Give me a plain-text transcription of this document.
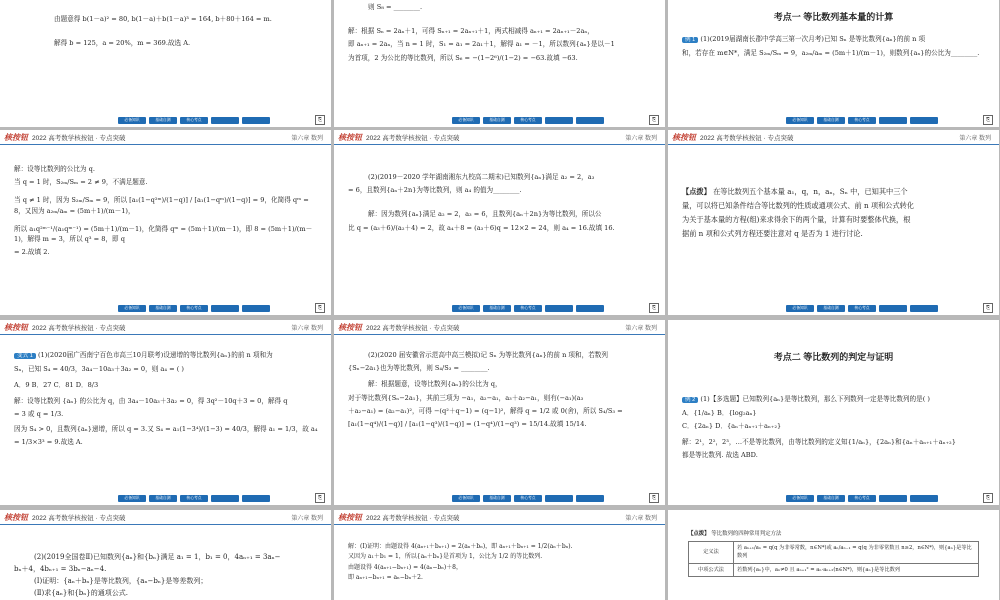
由题意得 b(1－a)² = 80, b(1－a)＋b(1－a)³ = 164, b＋80＋164 = m.

解得 b = 125，a = 20%，m = 369.故选 A.

必备知识	基础自测	核心考点	⎘

则 S₈ = ________.

解：根据 Sₙ = 2aₙ＋1，可得 Sₙ₊₁ = 2aₙ₊₁＋1，两式相减得 aₙ₊₁ = 2aₙ₊₁－2aₙ，

即 aₙ₊₁ = 2aₙ，当 n = 1 时，S₁ = a₁ = 2a₁＋1，解得 a₁ = －1，所以数列{aₙ}是以－1

为首项，2 为公比的等比数列，所以 S₆ = −(1−2⁶)/(1−2) = −63.故填 −63.

必备知识	基础自测	核心考点	⎘
考点一 等比数列基本量的计算

例 1 (1)(2019届湖南长郡中学高三第一次月考)已知 Sₙ 是等比数列{aₙ}的前 n 项

和，若存在 m∈N*，满足 S₂ₘ/Sₘ = 9，a₂ₘ/aₘ = (5m＋1)/(m－1)，则数列{aₙ}的公比为________.

必备知识	基础自测	核心考点	⎘
核按钮 2022 高考数学核按钮 · 专点突破	第六章 数列

解：设等比数列的公比为 q.

当 q = 1 时，S₂ₘ/Sₘ = 2 ≠ 9，不满足题意.

当 q ≠ 1 时，因为 S₂ₘ/Sₘ = 9，所以 [a₁(1−q²ᵐ)/(1−q)] / [a₁(1−qᵐ)/(1−q)] = 9，化简得 qᵐ = 8，又因为 a₂ₘ/aₘ = (5m＋1)/(m－1)，

所以 a₁q²ᵐ⁻¹/(a₁qᵐ⁻¹) = (5m＋1)/(m－1)，化简得 qᵐ = (5m＋1)/(m－1)，即 8 = (5m＋1)/(m－1)，解得 m = 3，所以 q³ = 8，即 q

= 2.故填 2.

必备知识	基础自测	核心考点	⎘
核按钮 2022 高考数学核按钮 · 专点突破	第六章 数列

(2)(2019－2020 学年湖南湘东九校高二期末)已知数列{aₙ}满足 a₂ = 2，a₃

= 6，且数列{aₙ＋2n}为等比数列，则 a₄ 的值为________.

解：因为数列{aₙ}满足 a₂ = 2，a₃ = 6，且数列{aₙ＋2n}为等比数列，所以公

比 q = (a₃＋6)/(a₂＋4) = 2，故 a₄＋8 = (a₃＋6)q = 12×2 = 24，则 a₄ = 16.故填 16.

必备知识	基础自测	核心考点	⎘
核按钮 2022 高考数学核按钮 · 专点突破	第六章 数列

【点拨】 在等比数列五个基本量 a₁，q，n，aₙ，Sₙ 中，已知其中三个

量，可以将已知条件结合等比数列的性质或通项公式、前 n 项和公式转化

为关于基本量的方程(组)来求得余下的两个量，计算有时要整体代换，根

据前 n 项和公式列方程还要注意对 q 是否为 1 进行讨论.

必备知识	基础自测	核心考点	⎘
核按钮 2022 高考数学核按钮 · 专点突破	第六章 数列

变式 1 (1)(2020届广西南宁百色市高三10月联考)设递增的等比数列{aₙ}的前 n 项和为

Sₙ，已知 S₄ = 40/3，3a₄－10a₃＋3a₂ = 0，则 a₄ = ( )

A．9 B．27 C．81 D．8/3

解：设等比数列 {aₙ} 的公比为 q，由 3a₄－10a₃＋3a₂ = 0，得 3q²－10q＋3 = 0，解得 q

= 3 或 q = 1/3.

因为 S₄ > 0，且数列{aₙ}递增，所以 q = 3.又 S₄ = a₁(1−3⁴)/(1−3) = 40/3，解得 a₁ = 1/3，故 a₄

= 1/3×3³ = 9.故选 A.

必备知识	基础自测	核心考点	⎘
核按钮 2022 高考数学核按钮 · 专点突破	第六章 数列

(2)(2020 届安徽省示范高中高三模拟)记 Sₙ 为等比数列{aₙ}的前 n 项和，若数列

{Sₙ−2a₁}也为等比数列，则 S₄/S₃ = ________.

解：根据题意，设等比数列{aₙ}的公比为 q，

对于等比数列{Sₙ−2a₁}，其前三项为 −a₁，a₂−a₁，a₃＋a₂−a₁，则有(−a₁)(a₃

＋a₂−a₁) = (a₂−a₁)²，可得 −(q²＋q−1) = (q−1)²，解得 q = 1/2 或 0(舍)，所以 S₄/S₃ =

[a₁(1−q⁴)/(1−q)] / [a₁(1−q³)/(1−q)] = (1−q⁴)/(1−q³) = 15/14.故填 15/14.

必备知识	基础自测	核心考点	⎘
考点二 等比数列的判定与证明

例 2 (1)【多选题】已知数列{aₙ}是等比数列，那么下列数列一定是等比数列的是( )

A．{1/aₙ} B．{log₂aₙ}

C．{2aₙ} D．{aₙ＋aₙ₊₁＋aₙ₊₂}

解：2¹，2²，2³，…不是等比数列，由等比数列的定义知{1/aₙ}，{2aₙ}和{aₙ＋aₙ₊₁＋aₙ₊₂}

都是等比数列. 故选 ABD.

必备知识	基础自测	核心考点	⎘
核按钮 2022 高考数学核按钮 · 专点突破	第六章 数列

(2)(2019全国卷Ⅱ)已知数列{aₙ}和{bₙ}满足 a₁ = 1，b₁ = 0，4aₙ₊₁ = 3aₙ−

bₙ＋4，4bₙ₊₁ = 3bₙ−aₙ−4.

(Ⅰ)证明：{aₙ＋bₙ}是等比数列，{aₙ−bₙ}是等差数列；

(Ⅱ)求{aₙ}和{bₙ}的通项公式.

核按钮 2022 高考数学核按钮 · 专点突破	第六章 数列

解：(Ⅰ)证明：由题设得 4(aₙ₊₁＋bₙ₊₁) = 2(aₙ＋bₙ)，即 aₙ₊₁＋bₙ₊₁ = 1/2(aₙ＋bₙ).

又因为 a₁＋b₁ = 1，所以{aₙ＋bₙ}是首项为 1，公比为 1/2 的等比数列.

由题设得 4(aₙ₊₁−bₙ₊₁) = 4(aₙ−bₙ)＋8，

即 aₙ₊₁−bₙ₊₁ = aₙ−bₙ＋2.

【点拨】 等比数列的四种常用判定方法

定义法	若 aₙ₊₁/aₙ = q(q 为非零常数，n∈N*)或 aₙ/aₙ₋₁ = q(q 为非零常数且 n≥2，n∈N*)，则{aₙ}是等比数列
中项公式法	若数列{aₙ}中，aₙ≠0 且 aₙ₊₁² = aₙ·aₙ₊₂(n∈N*)，则{aₙ}是等比数列
